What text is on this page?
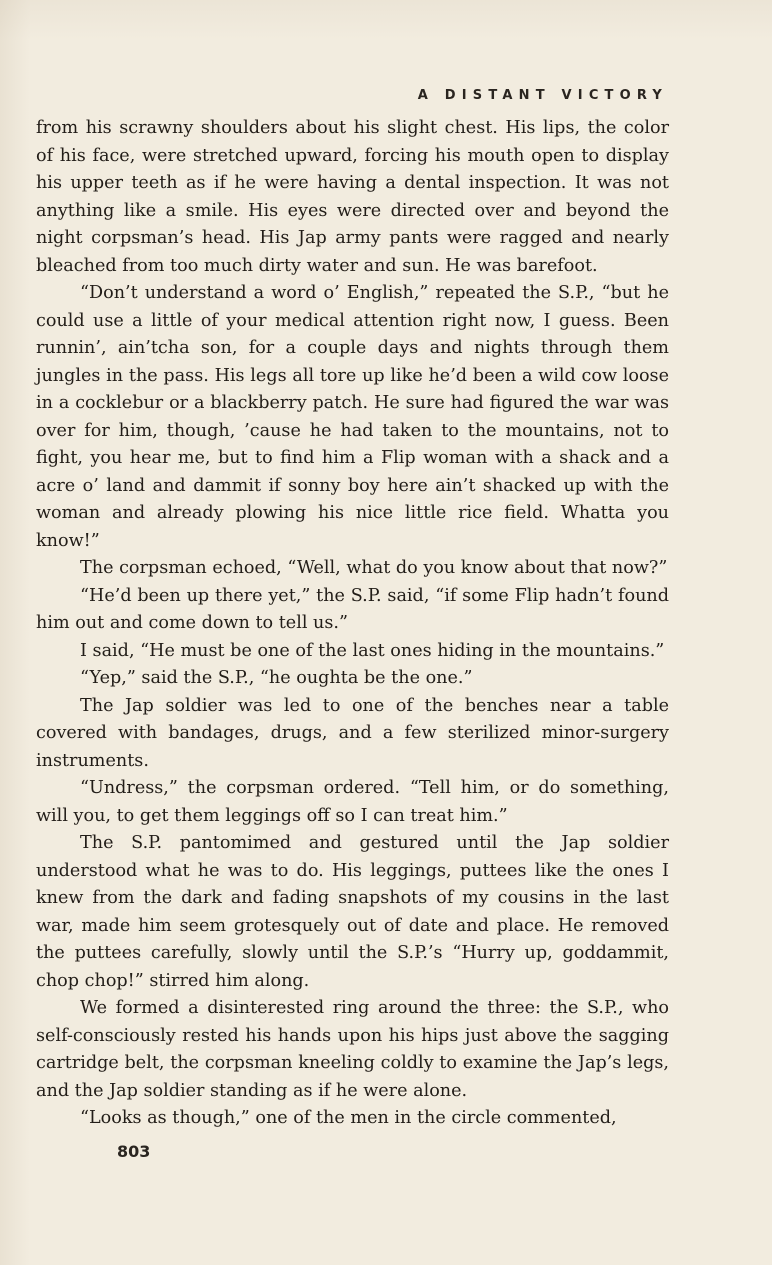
A DISTANT VICTORY

from his scrawny shoulders about his slight chest. His lips, the color of his face, were stretched upward, forcing his mouth open to display his upper teeth as if he were having a dental inspection. It was not anything like a smile. His eyes were directed over and beyond the night corpsman’s head. His Jap army pants were ragged and nearly bleached from too much dirty water and sun. He was barefoot.

“Don’t understand a word o’ English,” repeated the S.P., “but he could use a little of your medical attention right now, I guess. Been runnin’, ain’tcha son, for a couple days and nights through them jungles in the pass. His legs all tore up like he’d been a wild cow loose in a cocklebur or a blackberry patch. He sure had figured the war was over for him, though, ’cause he had taken to the mountains, not to fight, you hear me, but to find him a Flip woman with a shack and a acre o’ land and dammit if sonny boy here ain’t shacked up with the woman and already plowing his nice little rice field. Whatta you know!”

The corpsman echoed, “Well, what do you know about that now?”

“He’d been up there yet,” the S.P. said, “if some Flip hadn’t found him out and come down to tell us.”

I said, “He must be one of the last ones hiding in the mountains.”

“Yep,” said the S.P., “he oughta be the one.”

The Jap soldier was led to one of the benches near a table covered with bandages, drugs, and a few sterilized minor-surgery instruments.

“Undress,” the corpsman ordered. “Tell him, or do something, will you, to get them leggings off so I can treat him.”

The S.P. pantomimed and gestured until the Jap soldier understood what he was to do. His leggings, puttees like the ones I knew from the dark and fading snapshots of my cousins in the last war, made him seem grotesquely out of date and place. He removed the puttees carefully, slowly until the S.P.’s “Hurry up, goddammit, chop chop!” stirred him along.

We formed a disinterested ring around the three: the S.P., who self-consciously rested his hands upon his hips just above the sagging cartridge belt, the corpsman kneeling coldly to examine the Jap’s legs, and the Jap soldier standing as if he were alone.

“Looks as though,” one of the men in the circle commented,

803
